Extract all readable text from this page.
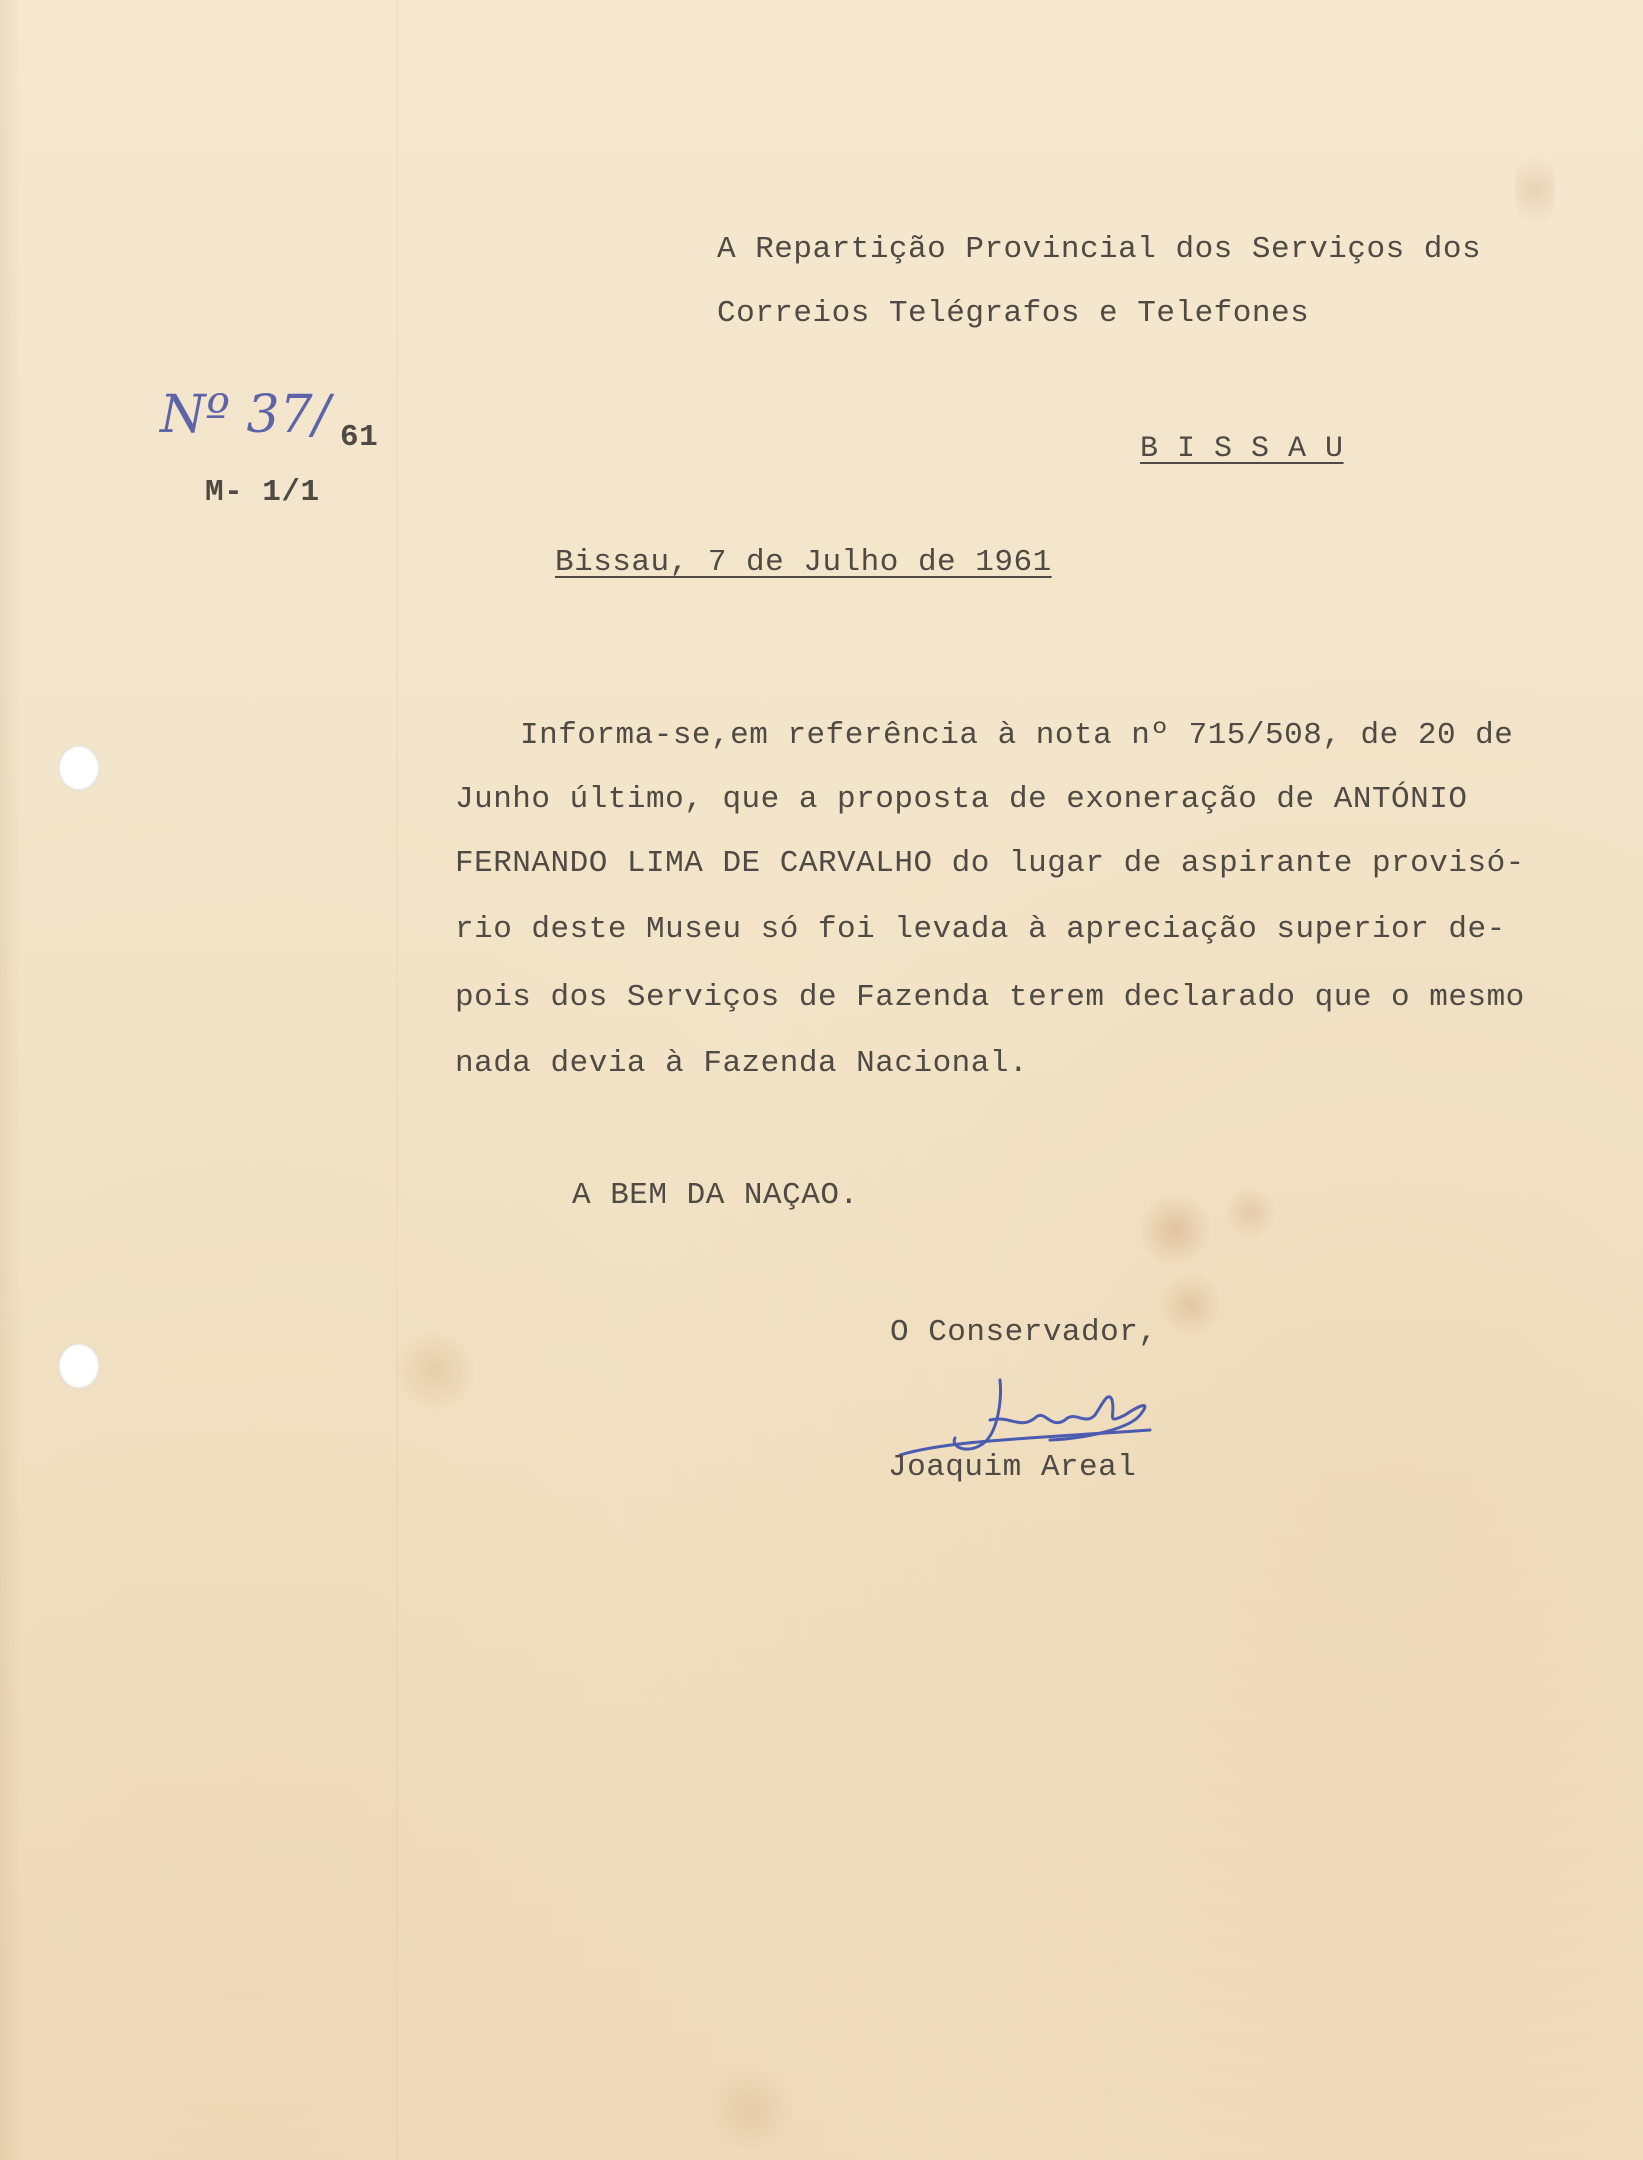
A Repartição Provincial dos Serviços dos

Correios Telégrafos e Telefones

B I S S A U

Nº 37/ 61

M- 1/1

Bissau, 7 de Julho de 1961

Informa-se,em referência à nota nº 715/508, de 20 de

Junho último, que a proposta de exoneração de ANTÓNIO

FERNANDO LIMA DE CARVALHO do lugar de aspirante provisó-

rio deste Museu só foi levada à apreciação superior de-

pois dos Serviços de Fazenda terem declarado que o mesmo

nada devia à Fazenda Nacional.

A BEM DA NAÇAO.

O Conservador,

Joaquim Areal
